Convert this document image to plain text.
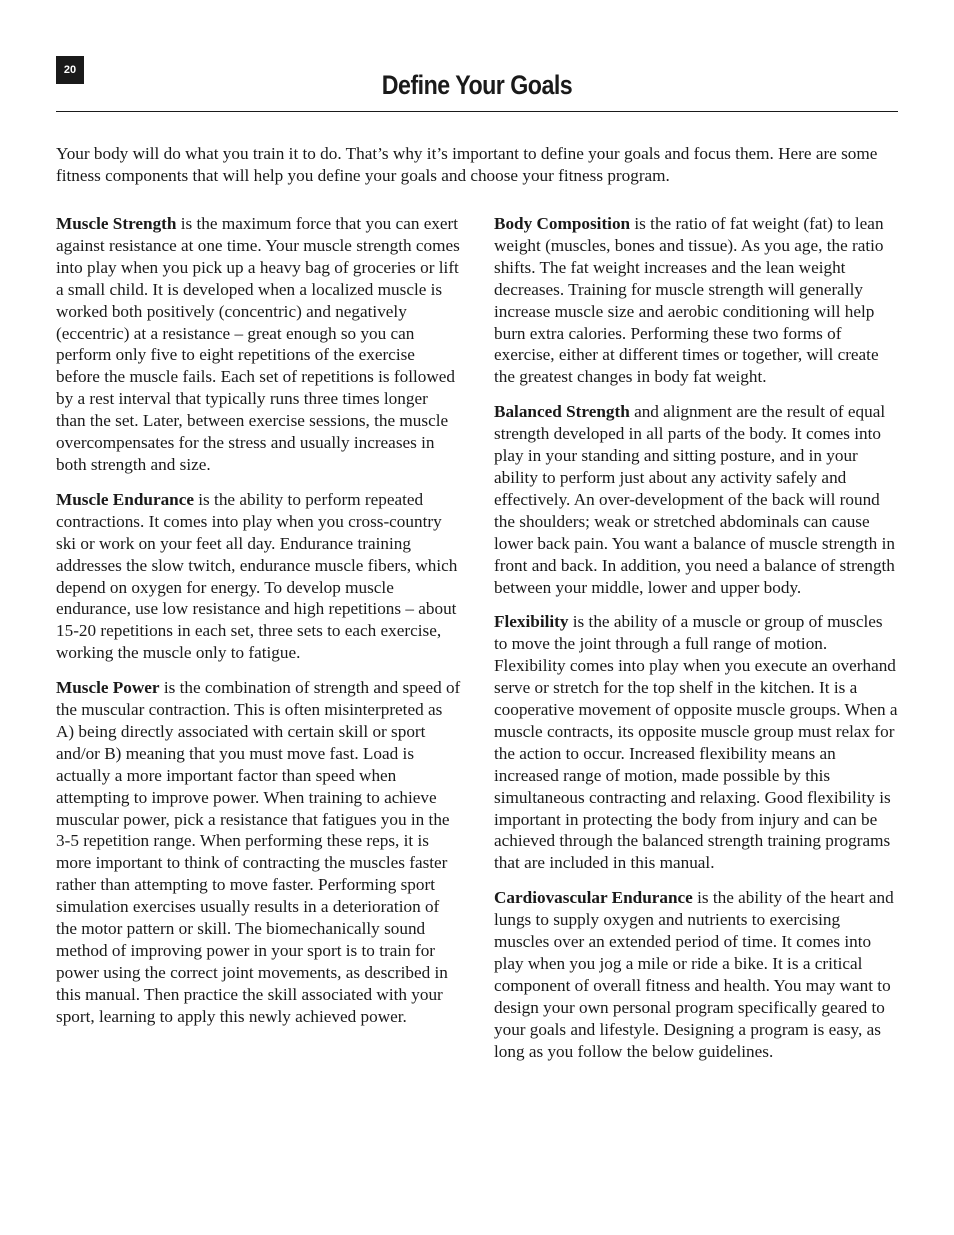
20	Define Your Goals

Your body will do what you train it to do. That’s why it’s important to define your goals and focus them. Here are some fitness components that will help you define your goals and choose your fitness program.

Muscle Strength is the maximum force that you can exert against resistance at one time. Your muscle strength comes into play when you pick up a heavy bag of groceries or lift a small child. It is developed when a localized muscle is worked both positively (concentric) and negatively (eccentric) at a resistance – great enough so you can perform only five to eight repetitions of the exercise before the muscle fails. Each set of repetitions is followed by a rest interval that typically runs three times longer than the set. Later, between exercise sessions, the muscle overcompensates for the stress and usually increases in both strength and size.

Muscle Endurance is the ability to perform repeated contractions. It comes into play when you cross-country ski or work on your feet all day. Endurance training addresses the slow twitch, endurance muscle fibers, which depend on oxygen for energy. To develop muscle endurance, use low resistance and high repetitions – about 15-20 repetitions in each set, three sets to each exercise, working the muscle only to fatigue.

Muscle Power is the combination of strength and speed of the muscular contraction. This is often misinterpreted as A) being directly associated with certain skill or sport and/or B) meaning that you must move fast. Load is actually a more important factor than speed when attempting to improve power. When training to achieve muscular power, pick a resistance that fatigues you in the 3-5 repetition range. When performing these reps, it is more important to think of contracting the muscles faster rather than attempting to move faster. Performing sport simulation exercises usually results in a deterioration of the motor pattern or skill. The biomechanically sound method of improving power in your sport is to train for power using the correct joint movements, as described in this manual. Then practice the skill associated with your sport, learning to apply this newly achieved power.

Body Composition is the ratio of fat weight (fat) to lean weight (muscles, bones and tissue). As you age, the ratio shifts. The fat weight increases and the lean weight decreases. Training for muscle strength will generally increase muscle size and aerobic conditioning will help burn extra calories. Performing these two forms of exercise, either at different times or together, will create the greatest changes in body fat weight.

Balanced Strength and alignment are the result of equal strength developed in all parts of the body. It comes into play in your standing and sitting posture, and in your ability to perform just about any activity safely and effectively. An over-development of the back will round the shoulders; weak or stretched abdominals can cause lower back pain. You want a balance of muscle strength in front and back. In addition, you need a balance of strength between your middle, lower and upper body.

Flexibility is the ability of a muscle or group of muscles to move the joint through a full range of motion. Flexibility comes into play when you execute an overhand serve or stretch for the top shelf in the kitchen. It is a cooperative movement of opposite muscle groups. When a muscle contracts, its opposite muscle group must relax for the action to occur. Increased flexibility means an increased range of motion, made possible by this simultaneous contracting and relaxing. Good flexibility is important in protecting the body from injury and can be achieved through the balanced strength training programs that are included in this manual.

Cardiovascular Endurance is the ability of the heart and lungs to supply oxygen and nutrients to exercising muscles over an extended period of time. It comes into play when you jog a mile or ride a bike. It is a critical component of overall fitness and health. You may want to design your own personal program specifically geared to your goals and lifestyle. Designing a program is easy, as long as you follow the below guidelines.
